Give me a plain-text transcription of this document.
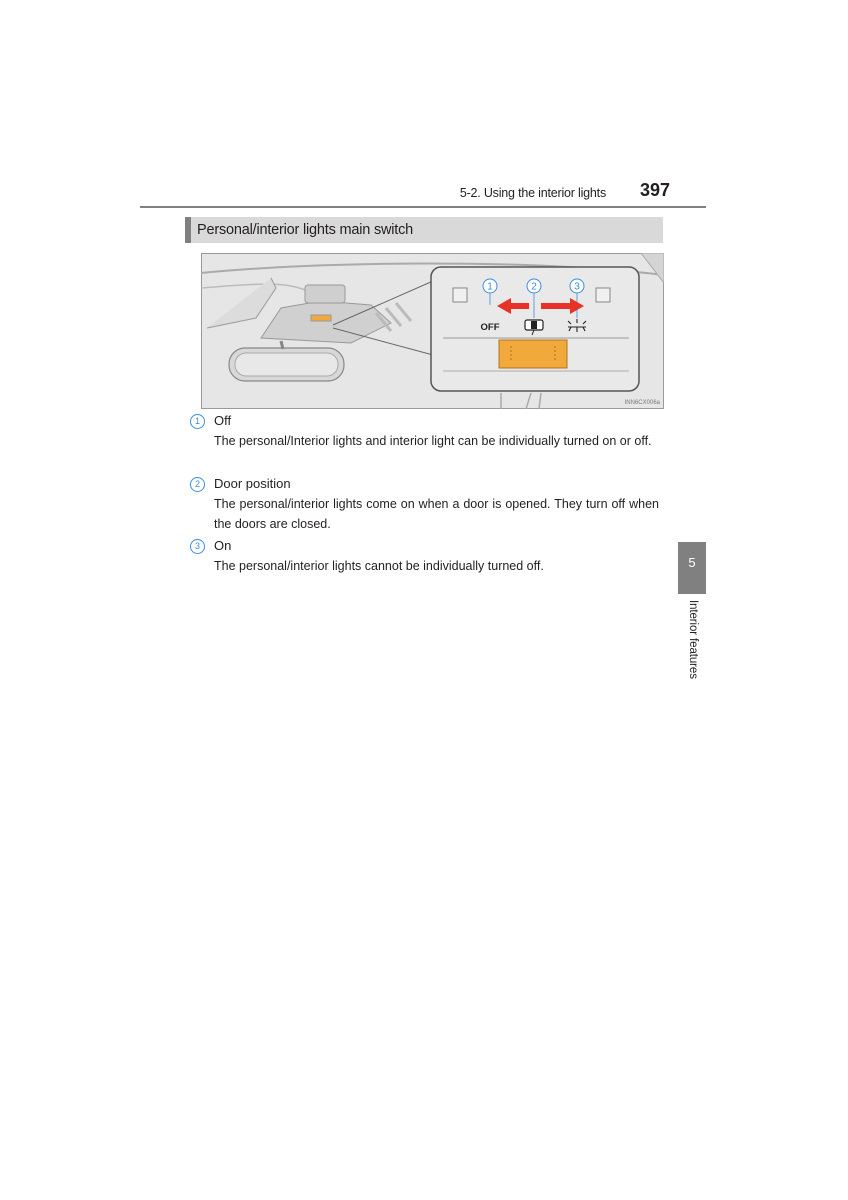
5-2. Using the interior lights 397
Personal/interior lights main switch
1	2	3
OFF
INN6CX006a
1	Off
The personal/Interior lights and interior light can be individually turned on or off.
2	Door position
The personal/interior lights come on when a door is opened. They turn off when the doors are closed.
3	On
The personal/interior lights cannot be individually turned off.	5
Interior features
